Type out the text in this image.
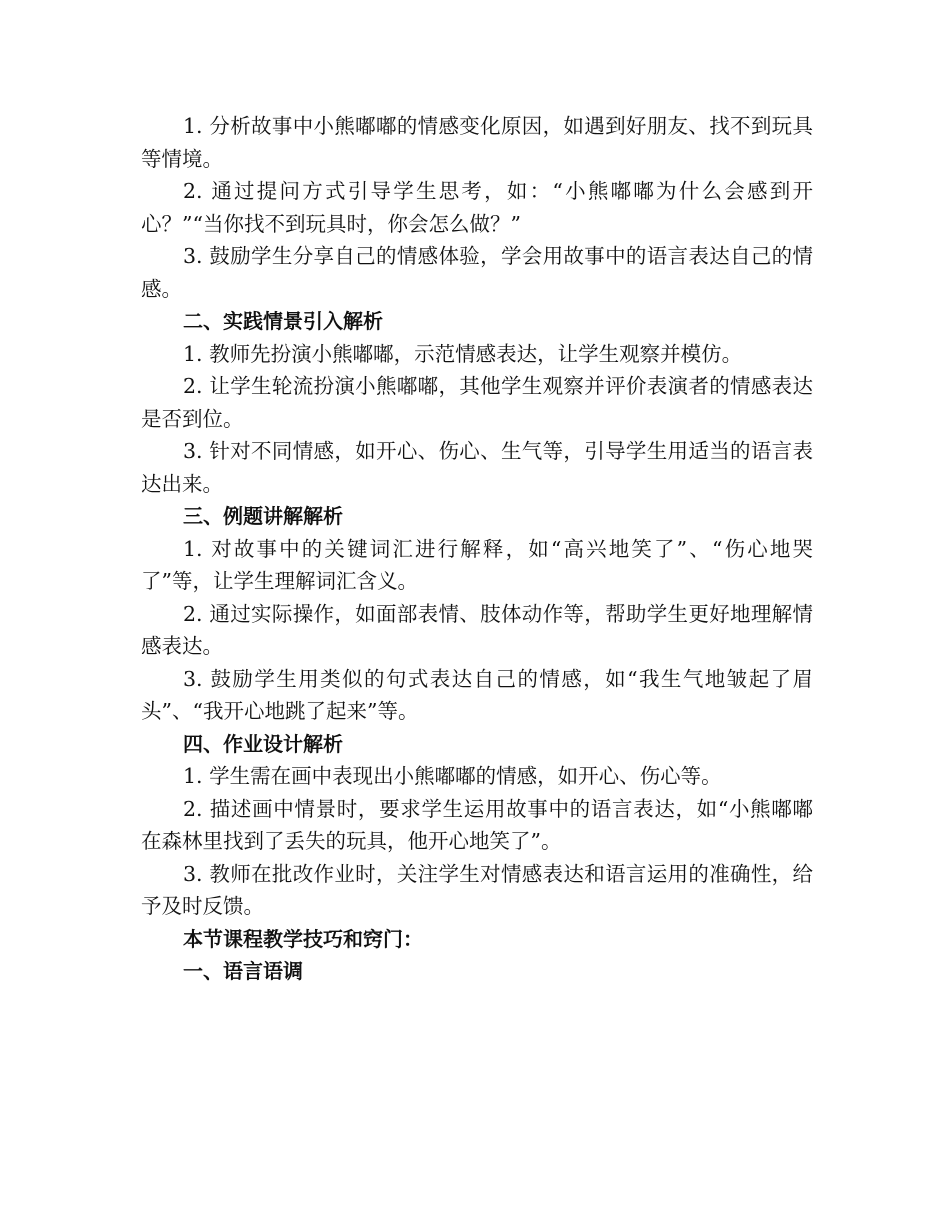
1. 分析故事中小熊嘟嘟的情感变化原因，如遇到好朋友、找不到玩具等情境。

2. 通过提问方式引导学生思考，如：“小熊嘟嘟为什么会感到开心？”“当你找不到玩具时，你会怎么做？”

3. 鼓励学生分享自己的情感体验，学会用故事中的语言表达自己的情感。

二、实践情景引入解析

1. 教师先扮演小熊嘟嘟，示范情感表达，让学生观察并模仿。

2. 让学生轮流扮演小熊嘟嘟，其他学生观察并评价表演者的情感表达是否到位。

3. 针对不同情感，如开心、伤心、生气等，引导学生用适当的语言表达出来。

三、例题讲解解析

1. 对故事中的关键词汇进行解释，如“高兴地笑了”、“伤心地哭了”等，让学生理解词汇含义。

2. 通过实际操作，如面部表情、肢体动作等，帮助学生更好地理解情感表达。

3. 鼓励学生用类似的句式表达自己的情感，如“我生气地皱起了眉头”、“我开心地跳了起来”等。

四、作业设计解析

1. 学生需在画中表现出小熊嘟嘟的情感，如开心、伤心等。

2. 描述画中情景时，要求学生运用故事中的语言表达，如“小熊嘟嘟在森林里找到了丢失的玩具，他开心地笑了”。

3. 教师在批改作业时，关注学生对情感表达和语言运用的准确性，给予及时反馈。

本节课程教学技巧和窍门：

一、语言语调
